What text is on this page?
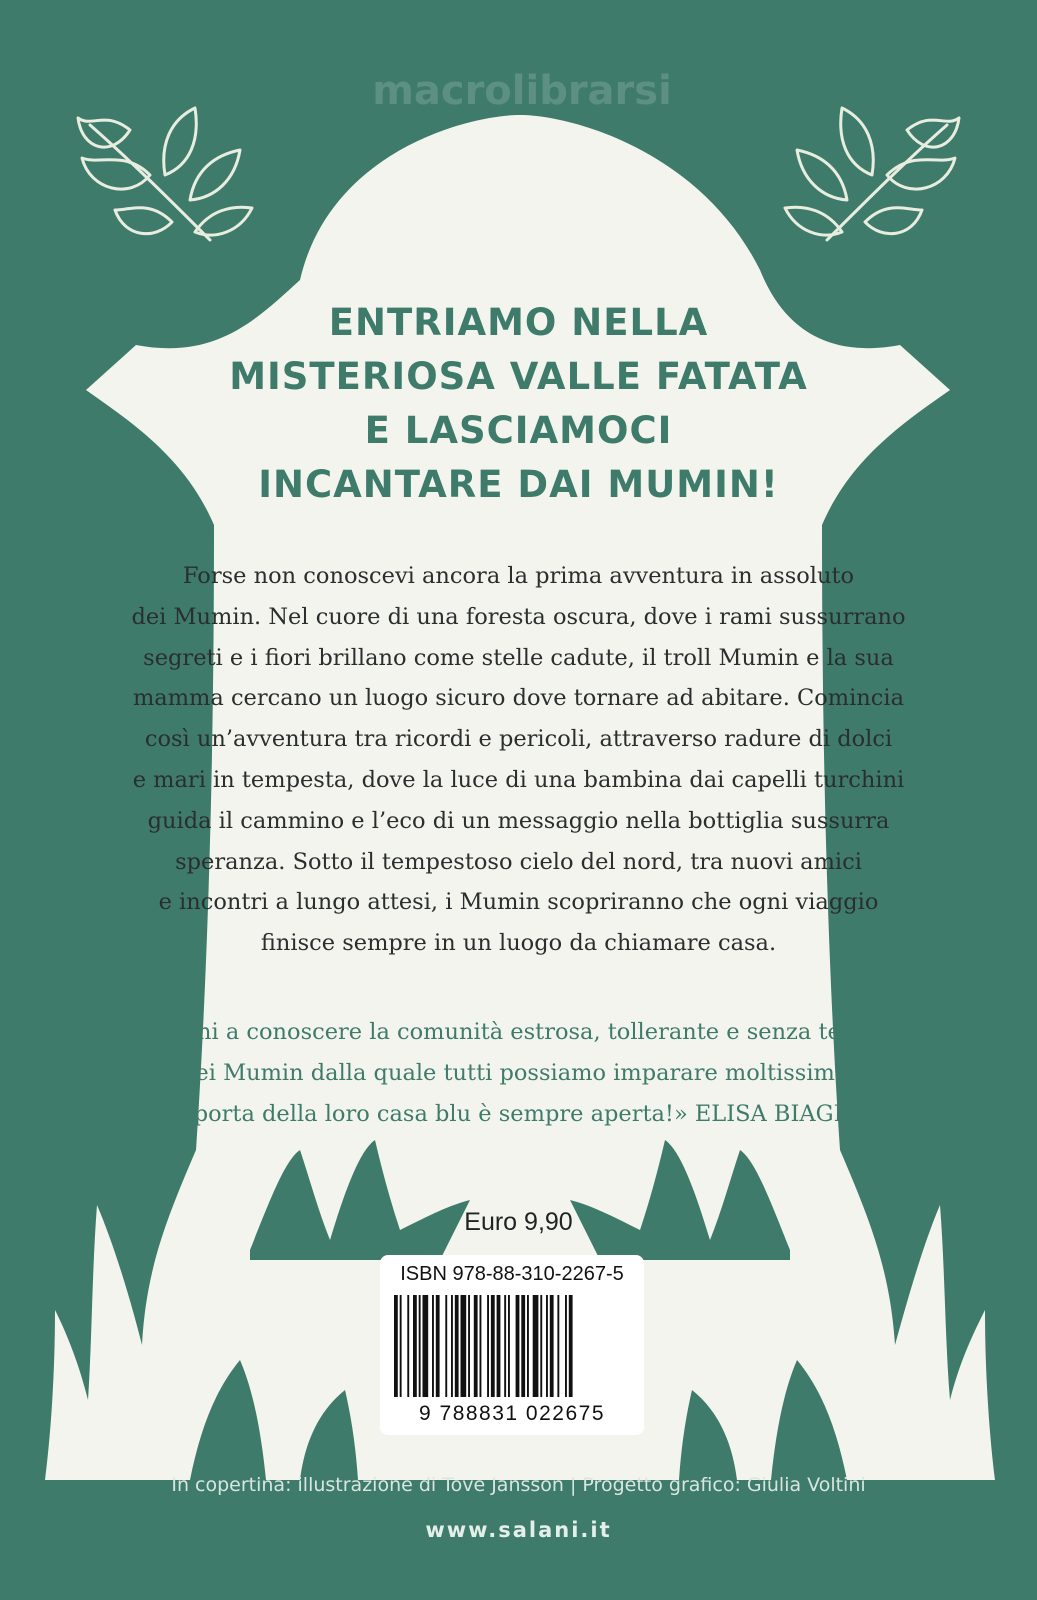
macrolibrarsi
ENTRIAMO NELLA
MISTERIOSA VALLE FATATA
E LASCIAMOCI
INCANTARE DAI MUMIN!
Forse non conoscevi ancora la prima avventura in assoluto
dei Mumin. Nel cuore di una foresta oscura, dove i rami sussurrano
segreti e i fiori brillano come stelle cadute, il troll Mumin e la sua
mamma cercano un luogo sicuro dove tornare ad abitare. Comincia
così un’avventura tra ricordi e pericoli, attraverso radure di dolci
e mari in tempesta, dove la luce di una bambina dai capelli turchini
guida il cammino e l’eco di un messaggio nella bottiglia sussurra
speranza. Sotto il tempestoso cielo del nord, tra nuovi amici
e incontri a lungo attesi, i Mumin scopriranno che ogni viaggio
finisce sempre in un luogo da chiamare casa.
«Vieni a conoscere la comunità estrosa, tollerante e senza tempo
dei Mumin dalla quale tutti possiamo imparare moltissimo:
la porta della loro casa blu è sempre aperta!» ELISA BIAGINI
Euro 9,90
ISBN 978-88-310-2267-5
9 788831 022675
In copertina: illustrazione di Tove Jansson | Progetto grafico: Giulia Voltini
www.salani.it
